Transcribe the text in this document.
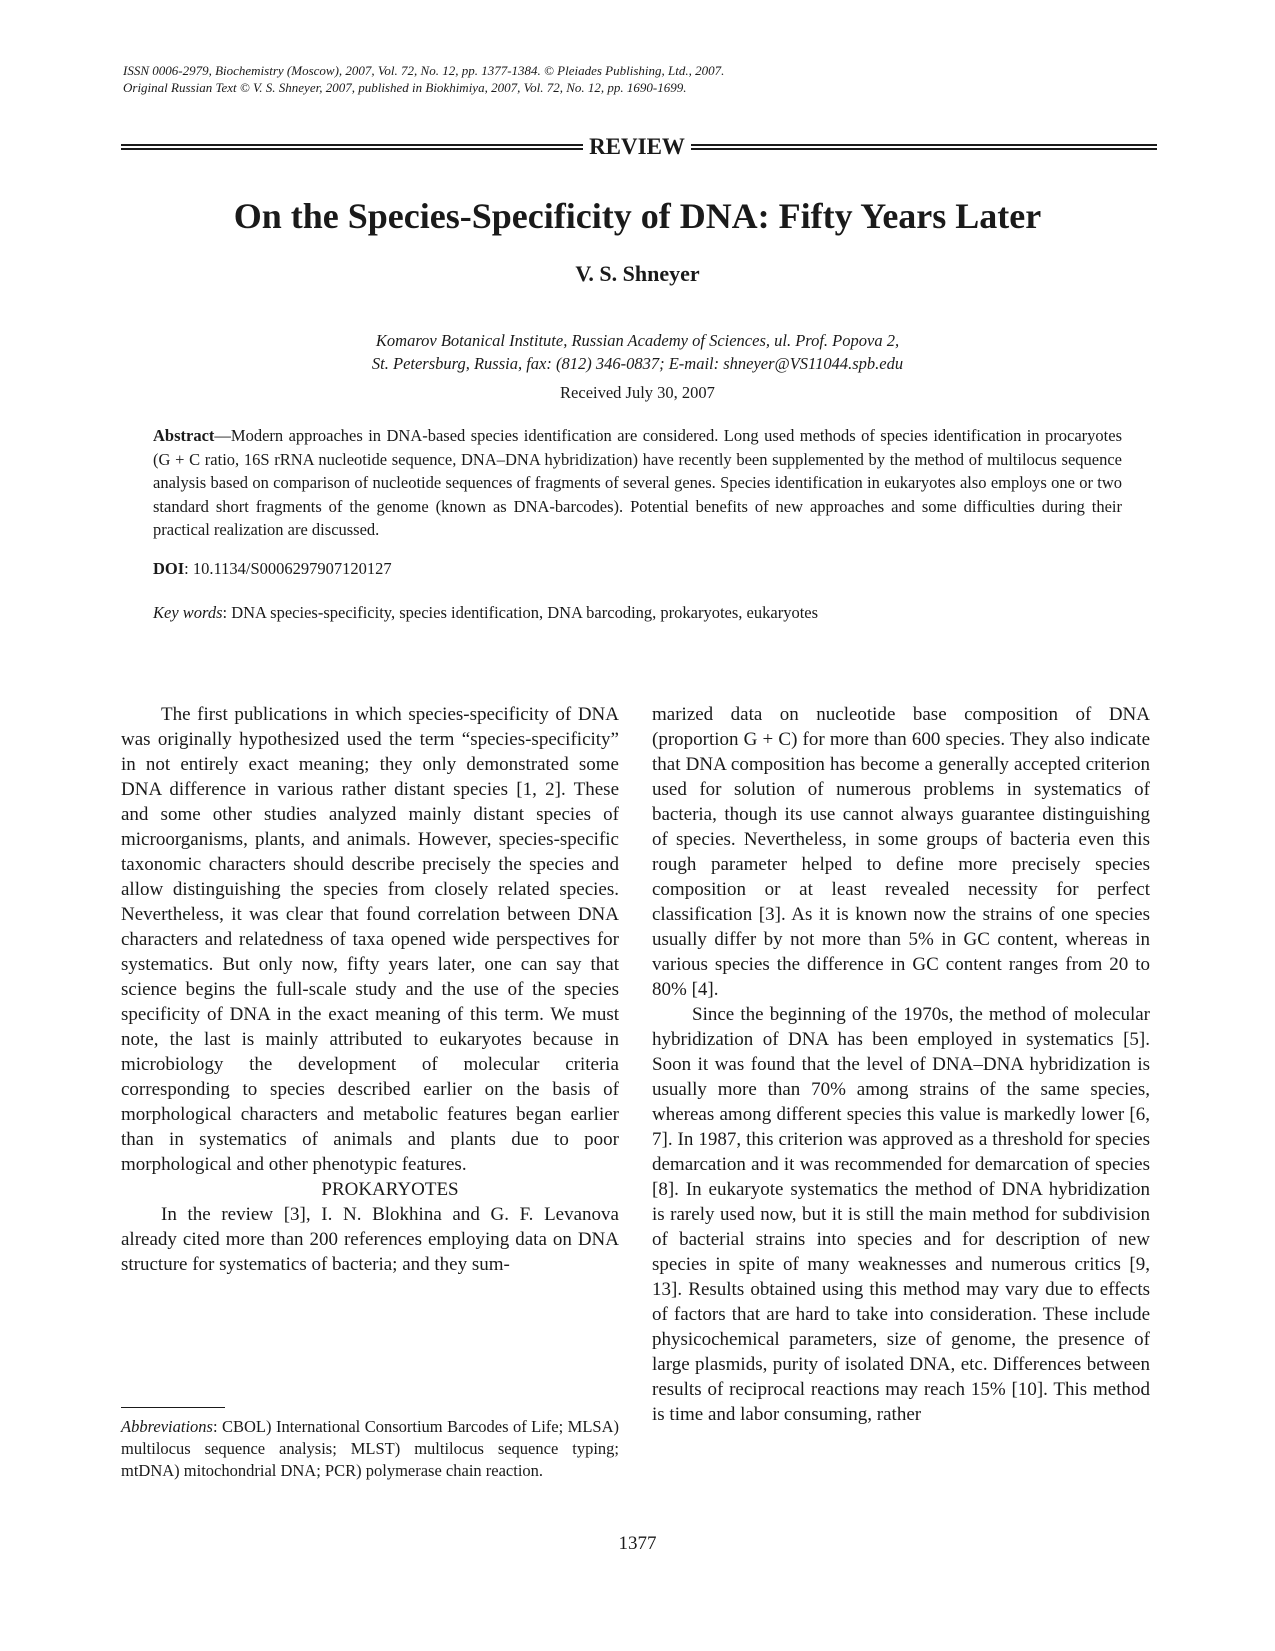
ISSN 0006-2979, Biochemistry (Moscow), 2007, Vol. 72, No. 12, pp. 1377-1384. © Pleiades Publishing, Ltd., 2007.
Original Russian Text © V. S. Shneyer, 2007, published in Biokhimiya, 2007, Vol. 72, No. 12, pp. 1690-1699.
REVIEW
On the Species-Specificity of DNA: Fifty Years Later
V. S. Shneyer
Komarov Botanical Institute, Russian Academy of Sciences, ul. Prof. Popova 2,
St. Petersburg, Russia, fax: (812) 346-0837; E-mail: shneyer@VS11044.spb.edu
Received July 30, 2007
Abstract—Modern approaches in DNA-based species identification are considered. Long used methods of species identification in procaryotes (G + C ratio, 16S rRNA nucleotide sequence, DNA–DNA hybridization) have recently been supplemented by the method of multilocus sequence analysis based on comparison of nucleotide sequences of fragments of several genes. Species identification in eukaryotes also employs one or two standard short fragments of the genome (known as DNA-barcodes). Potential benefits of new approaches and some difficulties during their practical realization are discussed.
DOI: 10.1134/S0006297907120127
Key words: DNA species-specificity, species identification, DNA barcoding, prokaryotes, eukaryotes

The first publications in which species-specificity of DNA was originally hypothesized used the term “species-specificity” in not entirely exact meaning; they only demonstrated some DNA difference in various rather distant species [1, 2]. These and some other studies analyzed mainly distant species of microorganisms, plants, and animals. However, species-specific taxonomic characters should describe precisely the species and allow distinguishing the species from closely related species. Nevertheless, it was clear that found correlation between DNA characters and relatedness of taxa opened wide perspectives for systematics. But only now, fifty years later, one can say that science begins the full-scale study and the use of the species specificity of DNA in the exact meaning of this term. We must note, the last is mainly attributed to eukaryotes because in microbiology the development of molecular criteria corresponding to species described earlier on the basis of morphological characters and metabolic features began earlier than in systematics of animals and plants due to poor morphological and other phenotypic features.

PROKARYOTES

In the review [3], I. N. Blokhina and G. F. Levanova already cited more than 200 references employing data on DNA structure for systematics of bacteria; and they sum-

marized data on nucleotide base composition of DNA (proportion G + C) for more than 600 species. They also indicate that DNA composition has become a generally accepted criterion used for solution of numerous problems in systematics of bacteria, though its use cannot always guarantee distinguishing of species. Nevertheless, in some groups of bacteria even this rough parameter helped to define more precisely species composition or at least revealed necessity for perfect classification [3]. As it is known now the strains of one species usually differ by not more than 5% in GC content, whereas in various species the difference in GC content ranges from 20 to 80% [4].

Since the beginning of the 1970s, the method of molecular hybridization of DNA has been employed in systematics [5]. Soon it was found that the level of DNA–DNA hybridization is usually more than 70% among strains of the same species, whereas among different species this value is markedly lower [6, 7]. In 1987, this criterion was approved as a threshold for species demarcation and it was recommended for demarcation of species [8]. In eukaryote systematics the method of DNA hybridization is rarely used now, but it is still the main method for subdivision of bacterial strains into species and for description of new species in spite of many weaknesses and numerous critics [9, 13]. Results obtained using this method may vary due to effects of factors that are hard to take into consideration. These include physicochemical parameters, size of genome, the presence of large plasmids, purity of isolated DNA, etc. Differences between results of reciprocal reactions may reach 15% [10]. This method is time and labor consuming, rather

Abbreviations: CBOL) International Consortium Barcodes of Life; MLSA) multilocus sequence analysis; MLST) multilocus sequence typing; mtDNA) mitochondrial DNA; PCR) polymerase chain reaction.
1377
